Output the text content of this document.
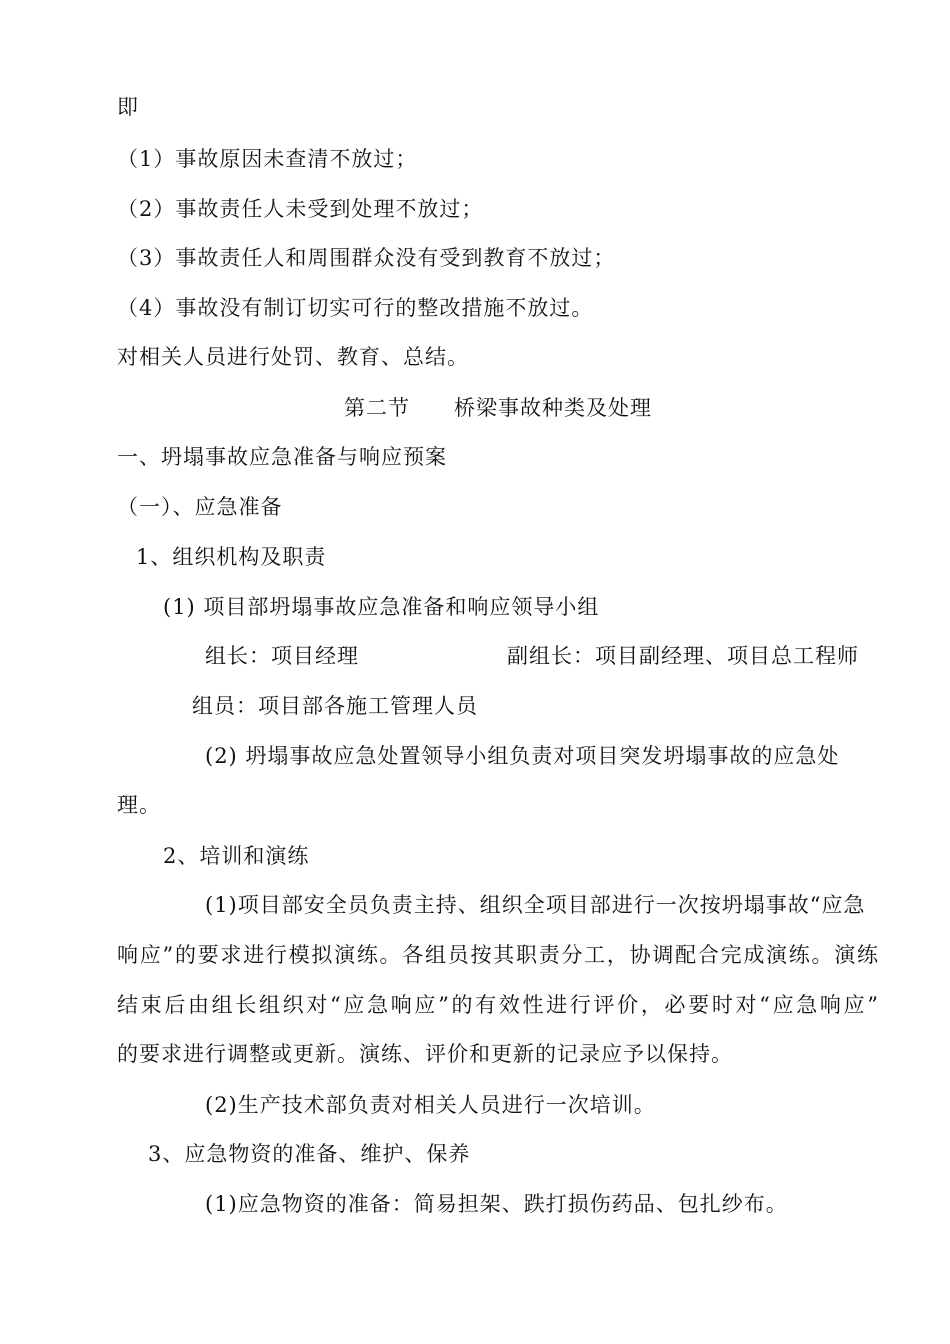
即
（1）事故原因未查清不放过；
（2）事故责任人未受到处理不放过；
（3）事故责任人和周围群众没有受到教育不放过；
（4）事故没有制订切实可行的整改措施不放过。
对相关人员进行处罚、教育、总结。
第二节　　桥梁事故种类及处理
一、坍塌事故应急准备与响应预案
（一）、应急准备
1、组织机构及职责
(1) 项目部坍塌事故应急准备和响应领导小组
组长：项目经理	副组长：项目副经理、项目总工程师
组员：项目部各施工管理人员
(2) 坍塌事故应急处置领导小组负责对项目突发坍塌事故的应急处
理。
2、培训和演练
(1)项目部安全员负责主持、组织全项目部进行一次按坍塌事故“应急
响应”的要求进行模拟演练。各组员按其职责分工，协调配合完成演练。演练
结束后由组长组织对“应急响应”的有效性进行评价，必要时对“应急响应”
的要求进行调整或更新。演练、评价和更新的记录应予以保持。
(2)生产技术部负责对相关人员进行一次培训。
3、应急物资的准备、维护、保养
(1)应急物资的准备：简易担架、跌打损伤药品、包扎纱布。
